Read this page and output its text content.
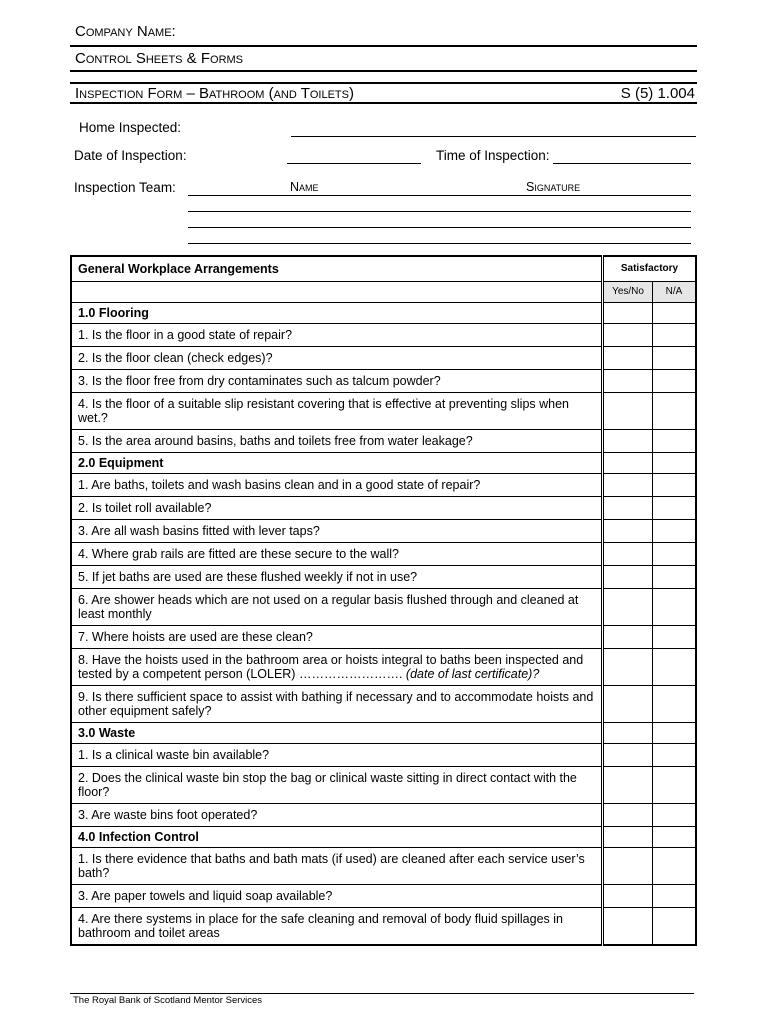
Company Name:
Control Sheets & Forms
Inspection Form – Bathroom (and Toilets)	S (5) 1.004
Home Inspected:
Date of Inspection:	Time of Inspection:
Inspection Team:	Name	Signature
General Workplace Arrangements	Satisfactory	
	Yes/No	N/A
1.0 Flooring		
1. Is the floor in a good state of repair?		
2. Is the floor clean (check edges)?		
3. Is the floor free from dry contaminates such as talcum powder?		
4. Is the floor of a suitable slip resistant covering that is effective at preventing slips when wet.?		
5. Is the area around basins, baths and toilets free from water leakage?		
2.0 Equipment		
1. Are baths, toilets and wash basins clean and in a good state of repair?		
2. Is toilet roll available?		
3. Are all wash basins fitted with lever taps?		
4. Where grab rails are fitted are these secure to the wall?		
5. If jet baths are used are these flushed weekly if not in use?		
6. Are shower heads which are not used on a regular basis flushed through and cleaned at least monthly		
7. Where hoists are used are these clean?		
8. Have the hoists used in the bathroom area or hoists integral to baths been inspected and tested by a competent person (LOLER) ……………………. (date of last certificate)?		
9. Is there sufficient space to assist with bathing if necessary and to accommodate hoists and other equipment safely?		
3.0 Waste		
1. Is a clinical waste bin available?		
2. Does the clinical waste bin stop the bag or clinical waste sitting in direct contact with the floor?		
3. Are waste bins foot operated?		
4.0 Infection Control		
1. Is there evidence that baths and bath mats (if used) are cleaned after each service user’s bath?		
3. Are paper towels and liquid soap available?		
4. Are there systems in place for the safe cleaning and removal of body fluid spillages in bathroom and toilet areas		
The Royal Bank of Scotland Mentor Services
